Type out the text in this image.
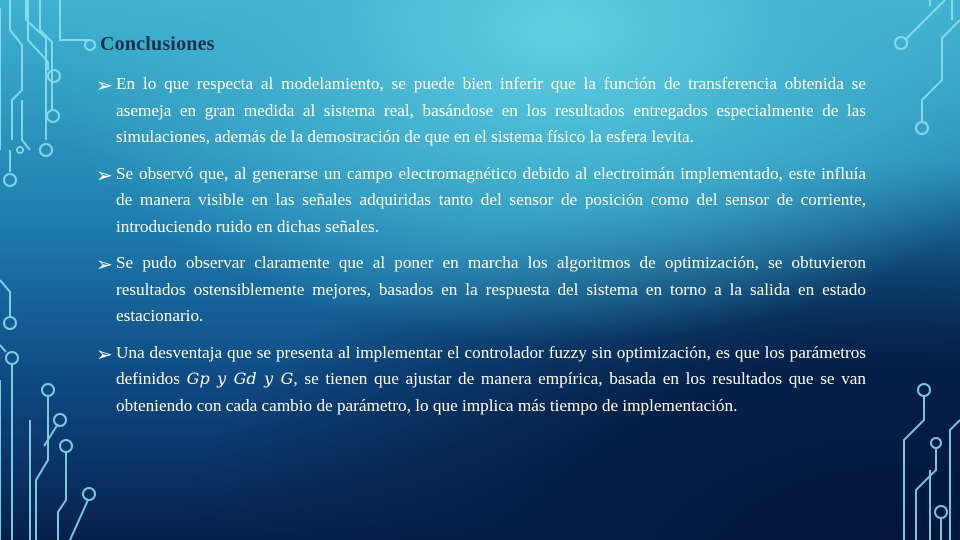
Conclusiones
➢ En lo que respecta al modelamiento, se puede bien inferir que la función de transferencia obtenida se asemeja en gran medida al sistema real, basándose en los resultados entregados especialmente de las simulaciones, además de la demostración de que en el sistema físico la esfera levita.
➢ Se observó que, al generarse un campo electromagnético debido al electroimán implementado, este influía de manera visible en las señales adquiridas tanto del sensor de posición como del sensor de corriente, introduciendo ruido en dichas señales.
➢ Se pudo observar claramente que al poner en marcha los algoritmos de optimización, se obtuvieron resultados ostensiblemente mejores, basados en la respuesta del sistema en torno a la salida en estado estacionario.
➢ Una desventaja que se presenta al implementar el controlador fuzzy sin optimización, es que los parámetros definidos Gp y Gd y G, se tienen que ajustar de manera empírica, basada en los resultados que se van obteniendo con cada cambio de parámetro, lo que implica más tiempo de implementación.
